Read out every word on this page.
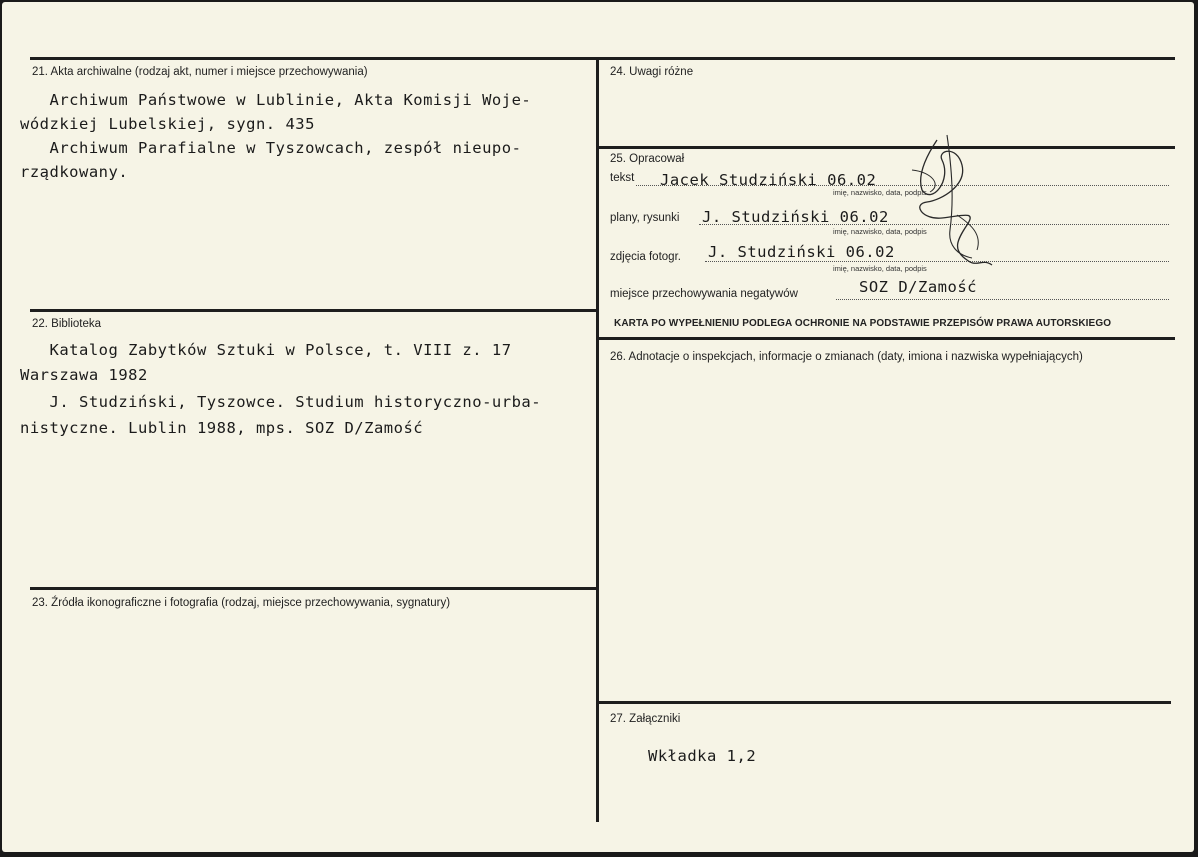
21. Akta archiwalne (rodzaj akt, numer i miejsce przechowywania)
Archiwum Państwowe w Lublinie, Akta Komisji Woje-
wódzkiej Lubelskiej, sygn. 435
Archiwum Parafialne w Tyszowcach, zespół nieupo-
rządkowany.
22. Biblioteka
Katalog Zabytków Sztuki w Polsce, t. VIII z. 17
Warszawa 1982
J. Studziński, Tyszowce. Studium historyczno-urba-
nistyczne. Lublin 1988, mps. SOZ D/Zamość
23. Źródła ikonograficzne i fotografia (rodzaj, miejsce przechowywania, sygnatury)
24. Uwagi różne
25. Opracował
tekst Jacek Studziński 06.02
imię, nazwisko, data, podpis
plany, rysunki J. Studziński 06.02
imię, nazwisko, data, podpis
zdjęcia fotogr. J. Studziński 06.02
imię, nazwisko, data, podpis
miejsce przechowywania negatywów	SOZ D/Zamość
KARTA PO WYPEŁNIENIU PODLEGA OCHRONIE NA PODSTAWIE PRZEPISÓW PRAWA AUTORSKIEGO
26. Adnotacje o inspekcjach, informacje o zmianach (daty, imiona i nazwiska wypełniających)
27. Załączniki
Wkładka 1,2
